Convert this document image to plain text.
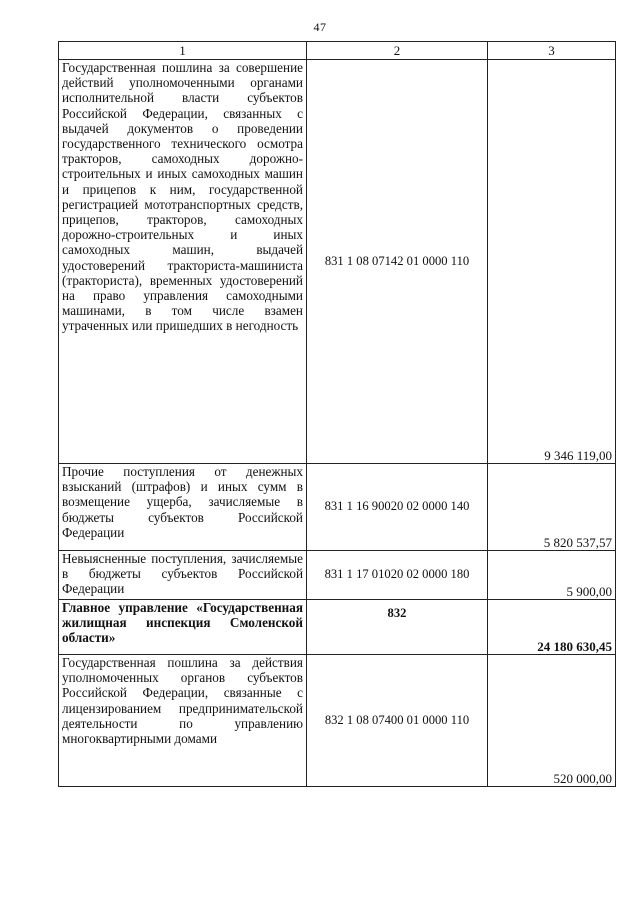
47
1	2	3

Государственная пошлина за совершение действий уполномоченными органами исполнительной власти субъектов Российской Федерации, связанных с выдачей документов о проведении государственного технического осмотра тракторов, самоходных дорожно-строительных и иных самоходных машин и прицепов к ним, государственной регистрацией мототранспортных средств, прицепов, тракторов, самоходных дорожно-строительных и иных самоходных машин, выдачей удостоверений тракториста-машиниста (тракториста), временных удостоверений на право управления самоходными машинами, в том числе взамен утраченных или пришедших в негодность	831 1 08 07142 01 0000 110	9 346 119,00

Прочие поступления от денежных взысканий (штрафов) и иных сумм в возмещение ущерба, зачисляемые в бюджеты субъектов Российской Федерации	831 1 16 90020 02 0000 140	5 820 537,57

Невыясненные поступления, зачисляемые в бюджеты субъектов Российской Федерации	831 1 17 01020 02 0000 180	5 900,00

Главное управление «Государственная жилищная инспекция Смоленской области»	832	24 180 630,45

Государственная пошлина за действия уполномоченных органов субъектов Российской Федерации, связанные с лицензированием предпринимательской деятельности по управлению многоквартирными домами	832 1 08 07400 01 0000 110	520 000,00
